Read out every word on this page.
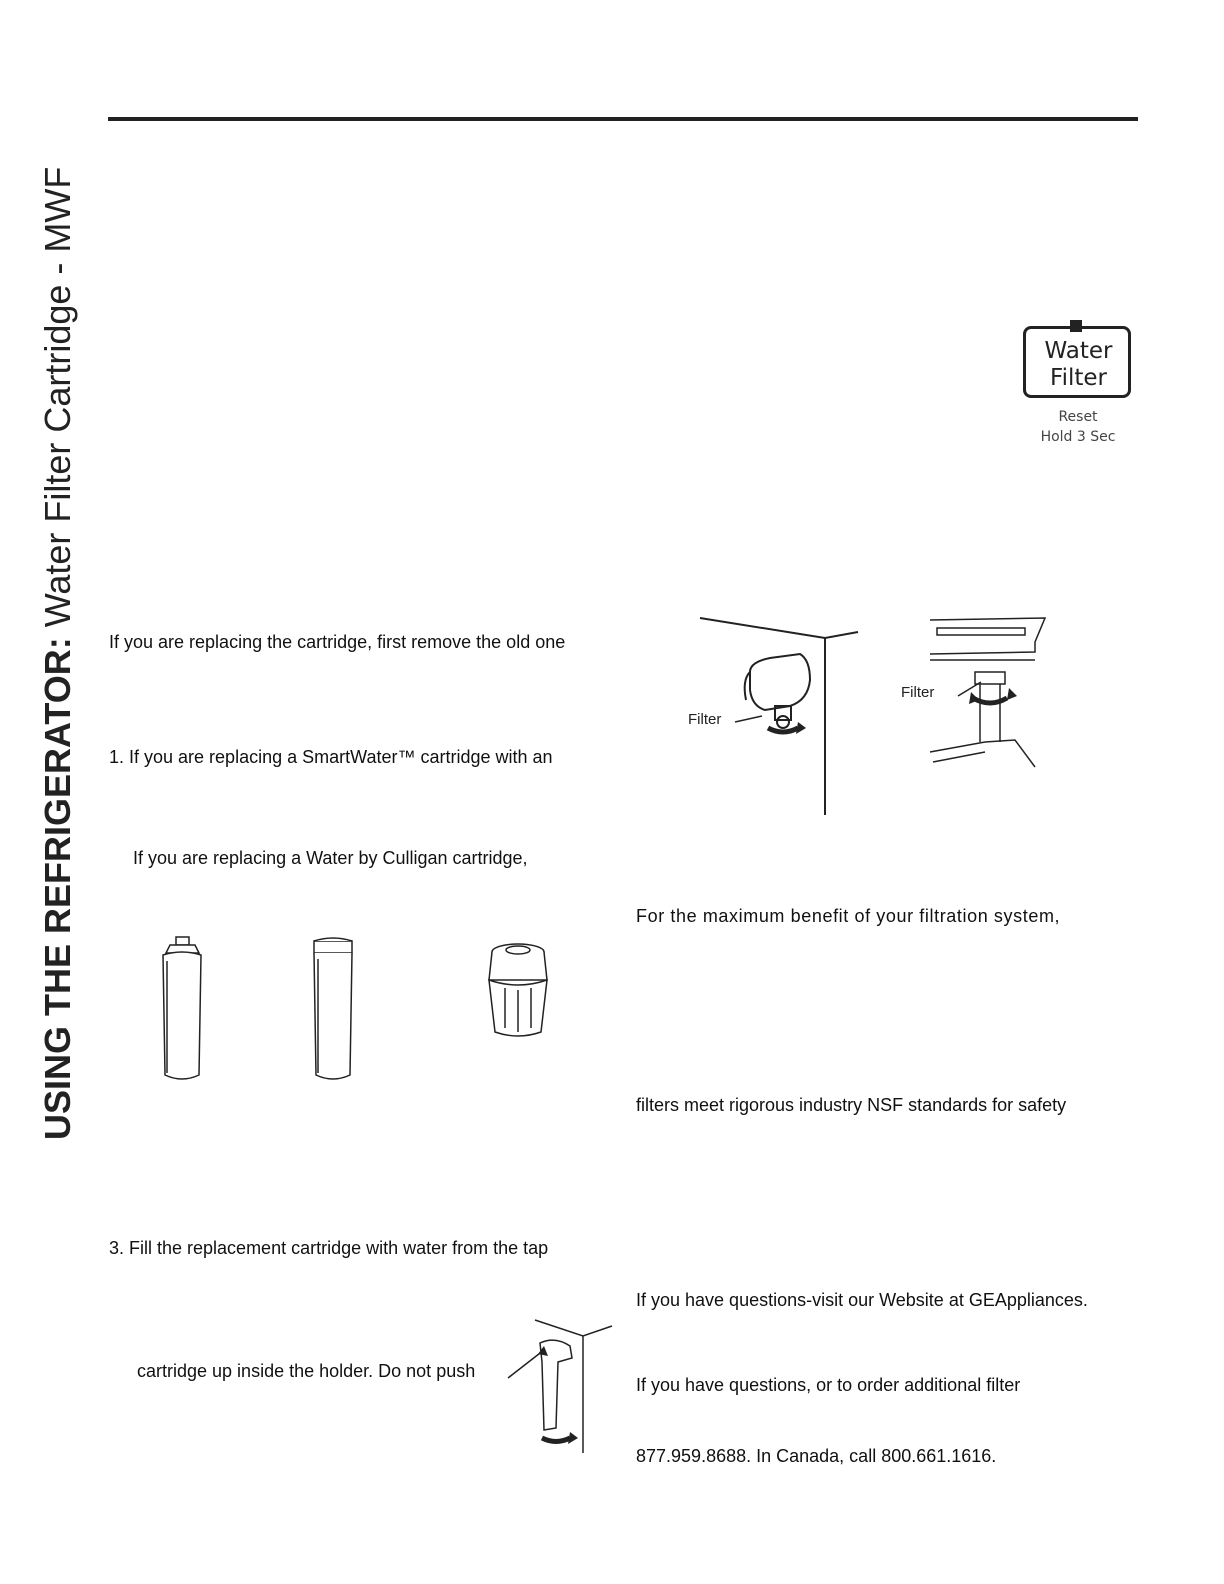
USING THE REFRIGERATOR: Water Filter Cartridge - MWF	Water
Filter
Reset
Hold 3 Sec
If you are replacing the cartridge, first remove the old one
1. If you are replacing a SmartWater™ cartridge with an
If you are replacing a Water by Culligan cartridge,
3. Fill the replacement cartridge with water from the tap
cartridge up inside the holder. Do not push
For the maximum benefit of your filtration system,
filters meet rigorous industry NSF standards for safety
If you have questions-visit our Website at GEAppliances.
If you have questions, or to order additional filter
877.959.8688. In Canada, call 800.661.1616.
Filter
Filter
